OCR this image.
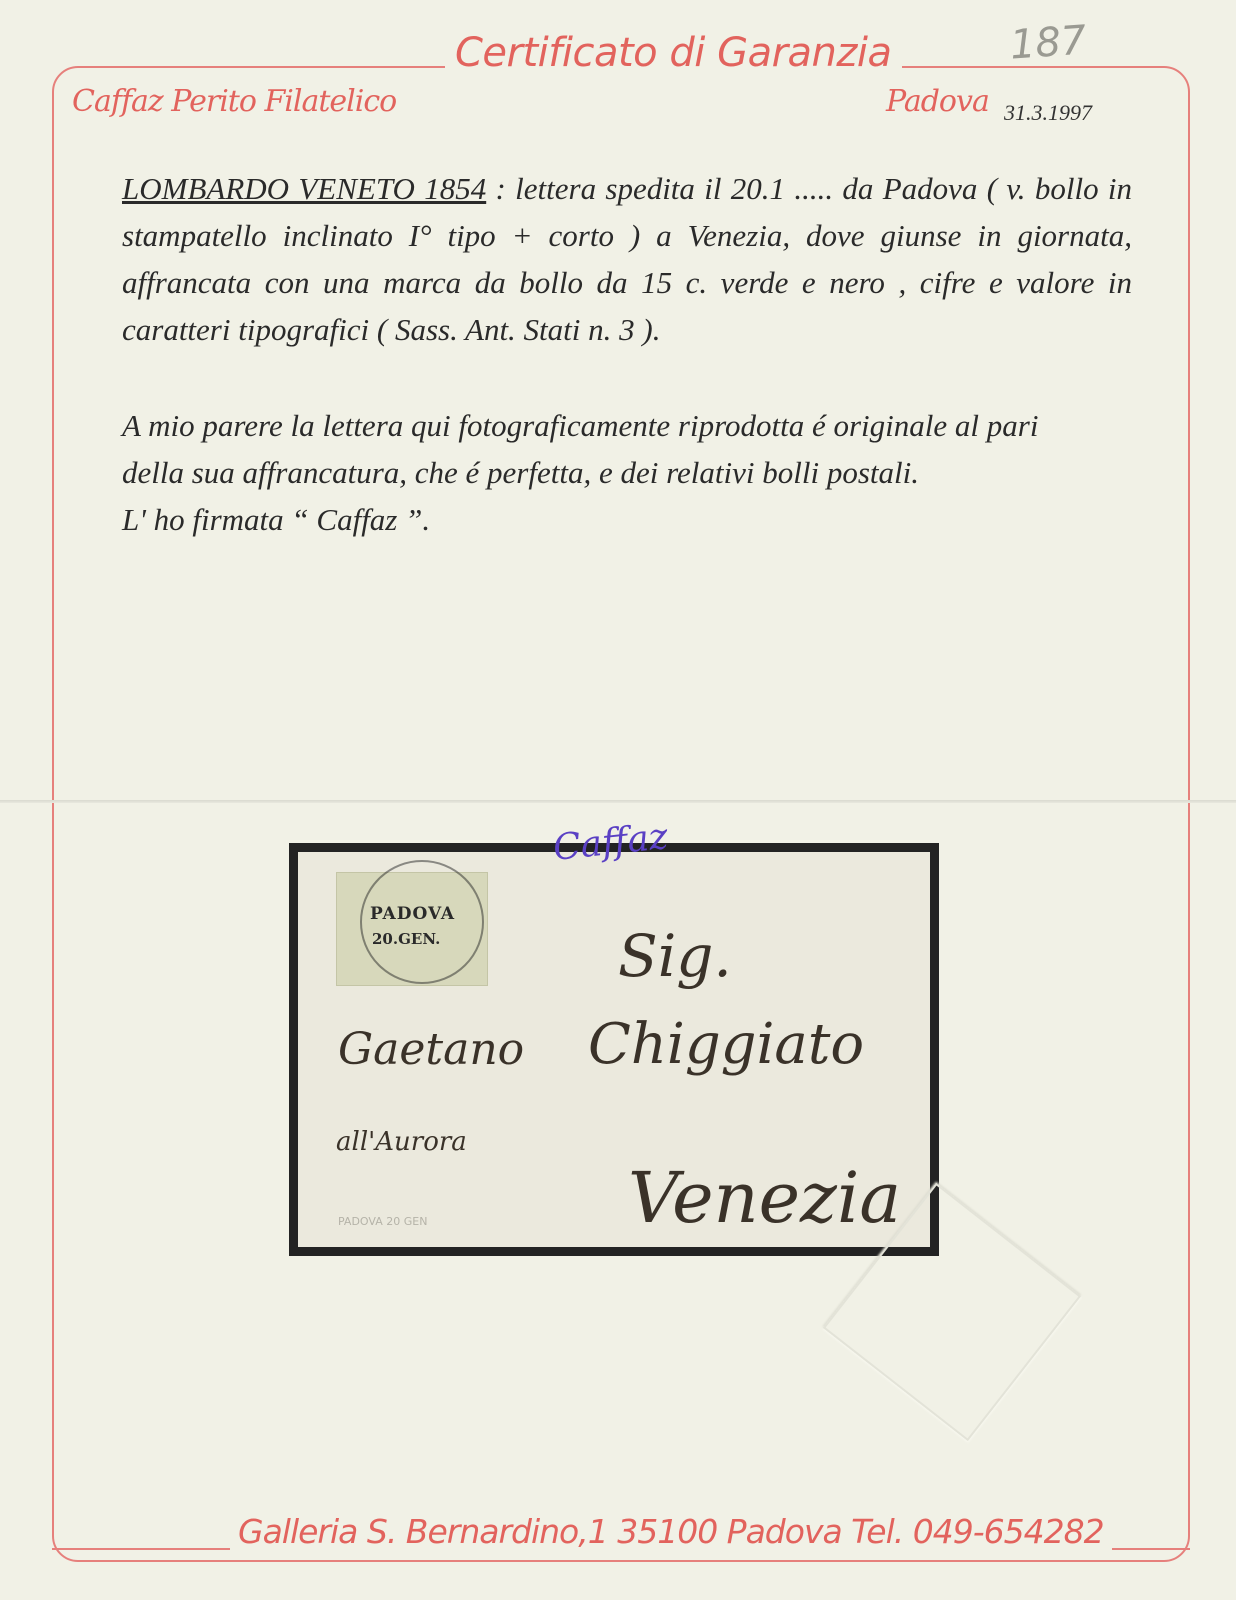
Certificato di Garanzia	187
Caffaz Perito Filatelico	Padova 31.3.1997
LOMBARDO VENETO 1854 : lettera spedita il 20.1 ..... da Padova ( v. bollo in stampatello inclinato I° tipo + corto ) a Venezia, dove giunse in giornata, affrancata con una marca da bollo da 15 c. verde e nero , cifre e valore in caratteri tipografici ( Sass. Ant. Stati n. 3 ).
A mio parere la lettera qui fotograficamente riprodotta é originale al pari
della sua affrancatura, che é perfetta, e dei relativi bolli postali.
L' ho firmata “ Caffaz ”.
Caffaz
PADOVA
20.GEN.	Sig.
Gaetano Chiggiato
all'Aurora
Venezia
PADOVA 20 GEN
Galleria S. Bernardino,1 35100 Padova Tel. 049-654282
